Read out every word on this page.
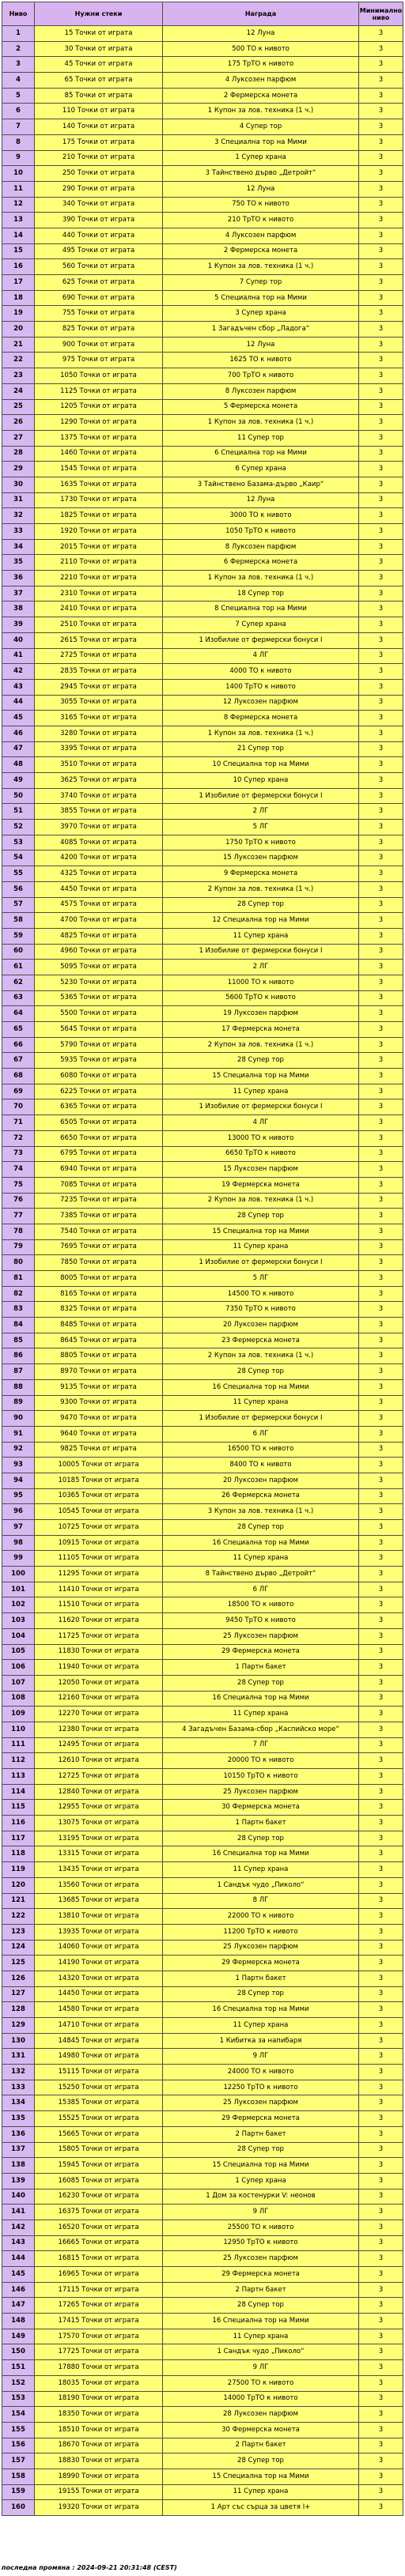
Ниво	Нужни стеки	Награда	Минимално ниво
1	15 Точки от играта	12 Луна	3
2	30 Точки от играта	500 ТО к нивото	3
3	45 Точки от играта	175 ТрТО к нивото	3
4	65 Точки от играта	4 Луксозен парфюм	3
5	85 Точки от играта	2 Фермерска монета	3
6	110 Точки от играта	1 Купон за лов. техника (1 ч.)	3
7	140 Точки от играта	4 Супер тор	3
8	175 Точки от играта	3 Специална тор на Мими	3
9	210 Точки от играта	1 Супер храна	3
10	250 Точки от играта	3 Тайнствено дърво „Детройт“	3
11	290 Точки от играта	12 Луна	3
12	340 Точки от играта	750 ТО к нивото	3
13	390 Точки от играта	210 ТрТО к нивото	3
14	440 Точки от играта	4 Луксозен парфюм	3
15	495 Точки от играта	2 Фермерска монета	3
16	560 Точки от играта	1 Купон за лов. техника (1 ч.)	3
17	625 Точки от играта	7 Супер тор	3
18	690 Точки от играта	5 Специална тор на Мими	3
19	755 Точки от играта	3 Супер храна	3
20	825 Точки от играта	1 Загадъчен сбор „Ладога“	3
21	900 Точки от играта	12 Луна	3
22	975 Точки от играта	1625 ТО к нивото	3
23	1050 Точки от играта	700 ТрТО к нивото	3
24	1125 Точки от играта	8 Луксозен парфюм	3
25	1205 Точки от играта	5 Фермерска монета	3
26	1290 Точки от играта	1 Купон за лов. техника (1 ч.)	3
27	1375 Точки от играта	11 Супер тор	3
28	1460 Точки от играта	6 Специална тор на Мими	3
29	1545 Точки от играта	6 Супер храна	3
30	1635 Точки от играта	3 Тайнствено Базама-дърво „Каир“	3
31	1730 Точки от играта	12 Луна	3
32	1825 Точки от играта	3000 ТО к нивото	3
33	1920 Точки от играта	1050 ТрТО к нивото	3
34	2015 Точки от играта	8 Луксозен парфюм	3
35	2110 Точки от играта	6 Фермерска монета	3
36	2210 Точки от играта	1 Купон за лов. техника (1 ч.)	3
37	2310 Точки от играта	18 Супер тор	3
38	2410 Точки от играта	8 Специална тор на Мими	3
39	2510 Точки от играта	7 Супер храна	3
40	2615 Точки от играта	1 Изобилие от фермерски бонуси I	3
41	2725 Точки от играта	4 ЛГ	3
42	2835 Точки от играта	4000 ТО к нивото	3
43	2945 Точки от играта	1400 ТрТО к нивото	3
44	3055 Точки от играта	12 Луксозен парфюм	3
45	3165 Точки от играта	8 Фермерска монета	3
46	3280 Точки от играта	1 Купон за лов. техника (1 ч.)	3
47	3395 Точки от играта	21 Супер тор	3
48	3510 Точки от играта	10 Специална тор на Мими	3
49	3625 Точки от играта	10 Супер храна	3
50	3740 Точки от играта	1 Изобилие от фермерски бонуси I	3
51	3855 Точки от играта	2 ЛГ	3
52	3970 Точки от играта	5 ЛГ	3
53	4085 Точки от играта	1750 ТрТО к нивото	3
54	4200 Точки от играта	15 Луксозен парфюм	3
55	4325 Точки от играта	9 Фермерска монета	3
56	4450 Точки от играта	2 Купон за лов. техника (1 ч.)	3
57	4575 Точки от играта	28 Супер тор	3
58	4700 Точки от играта	12 Специална тор на Мими	3
59	4825 Точки от играта	11 Супер храна	3
60	4960 Точки от играта	1 Изобилие от фермерски бонуси I	3
61	5095 Точки от играта	2 ЛГ	3
62	5230 Точки от играта	11000 ТО к нивото	3
63	5365 Точки от играта	5600 ТрТО к нивото	3
64	5500 Точки от играта	19 Луксозен парфюм	3
65	5645 Точки от играта	17 Фермерска монета	3
66	5790 Точки от играта	2 Купон за лов. техника (1 ч.)	3
67	5935 Точки от играта	28 Супер тор	3
68	6080 Точки от играта	15 Специална тор на Мими	3
69	6225 Точки от играта	11 Супер храна	3
70	6365 Точки от играта	1 Изобилие от фермерски бонуси I	3
71	6505 Точки от играта	4 ЛГ	3
72	6650 Точки от играта	13000 ТО к нивото	3
73	6795 Точки от играта	6650 ТрТО к нивото	3
74	6940 Точки от играта	15 Луксозен парфюм	3
75	7085 Точки от играта	19 Фермерска монета	3
76	7235 Точки от играта	2 Купон за лов. техника (1 ч.)	3
77	7385 Точки от играта	28 Супер тор	3
78	7540 Точки от играта	15 Специална тор на Мими	3
79	7695 Точки от играта	11 Супер храна	3
80	7850 Точки от играта	1 Изобилие от фермерски бонуси I	3
81	8005 Точки от играта	5 ЛГ	3
82	8165 Точки от играта	14500 ТО к нивото	3
83	8325 Точки от играта	7350 ТрТО к нивото	3
84	8485 Точки от играта	20 Луксозен парфюм	3
85	8645 Точки от играта	23 Фермерска монета	3
86	8805 Точки от играта	2 Купон за лов. техника (1 ч.)	3
87	8970 Точки от играта	28 Супер тор	3
88	9135 Точки от играта	16 Специална тор на Мими	3
89	9300 Точки от играта	11 Супер храна	3
90	9470 Точки от играта	1 Изобилие от фермерски бонуси I	3
91	9640 Точки от играта	6 ЛГ	3
92	9825 Точки от играта	16500 ТО к нивото	3
93	10005 Точки от играта	8400 ТО к нивото	3
94	10185 Точки от играта	20 Луксозен парфюм	3
95	10365 Точки от играта	26 Фермерска монета	3
96	10545 Точки от играта	3 Купон за лов. техника (1 ч.)	3
97	10725 Точки от играта	28 Супер тор	3
98	10915 Точки от играта	16 Специална тор на Мими	3
99	11105 Точки от играта	11 Супер храна	3
100	11295 Точки от играта	8 Тайнствено дърво „Детройт“	3
101	11410 Точки от играта	6 ЛГ	3
102	11510 Точки от играта	18500 ТО к нивото	3
103	11620 Точки от играта	9450 ТрТО к нивото	3
104	11725 Точки от играта	25 Луксозен парфюм	3
105	11830 Точки от играта	29 Фермерска монета	3
106	11940 Точки от играта	1 Партн бакет	3
107	12050 Точки от играта	28 Супер тор	3
108	12160 Точки от играта	16 Специална тор на Мими	3
109	12270 Точки от играта	11 Супер храна	3
110	12380 Точки от играта	4 Загадъчен Базама-сбор „Каспийско море“	3
111	12495 Точки от играта	7 ЛГ	3
112	12610 Точки от играта	20000 ТО к нивото	3
113	12725 Точки от играта	10150 ТрТО к нивото	3
114	12840 Точки от играта	25 Луксозен парфюм	3
115	12955 Точки от играта	30 Фермерска монета	3
116	13075 Точки от играта	1 Партн бакет	3
117	13195 Точки от играта	28 Супер тор	3
118	13315 Точки от играта	16 Специална тор на Мими	3
119	13435 Точки от играта	11 Супер храна	3
120	13560 Точки от играта	1 Сандък чудо „Пиколо“	3
121	13685 Точки от играта	8 ЛГ	3
122	13810 Точки от играта	22000 ТО к нивото	3
123	13935 Точки от играта	11200 ТрТО к нивото	3
124	14060 Точки от играта	25 Луксозен парфюм	3
125	14190 Точки от играта	29 Фермерска монета	3
126	14320 Точки от играта	1 Партн бакет	3
127	14450 Точки от играта	28 Супер тор	3
128	14580 Точки от играта	16 Специална тор на Мими	3
129	14710 Точки от играта	11 Супер храна	3
130	14845 Точки от играта	1 Кибитка за напибаря	3
131	14980 Точки от играта	9 ЛГ	3
132	15115 Точки от играта	24000 ТО к нивото	3
133	15250 Точки от играта	12250 ТрТО к нивото	3
134	15385 Точки от играта	25 Луксозен парфюм	3
135	15525 Точки от играта	29 Фермерска монета	3
136	15665 Точки от играта	2 Партн бакет	3
137	15805 Точки от играта	28 Супер тор	3
138	15945 Точки от играта	15 Специална тор на Мими	3
139	16085 Точки от играта	1 Супер храна	3
140	16230 Точки от играта	1 Дом за костенурки V: неонов	3
141	16375 Точки от играта	9 ЛГ	3
142	16520 Точки от играта	25500 ТО к нивото	3
143	16665 Точки от играта	12950 ТрТО к нивото	3
144	16815 Точки от играта	25 Луксозен парфюм	3
145	16965 Точки от играта	29 Фермерска монета	3
146	17115 Точки от играта	2 Партн бакет	3
147	17265 Точки от играта	28 Супер тор	3
148	17415 Точки от играта	16 Специална тор на Мими	3
149	17570 Точки от играта	11 Супер храна	3
150	17725 Точки от играта	1 Сандък чудо „Пиколо“	3
151	17880 Точки от играта	9 ЛГ	3
152	18035 Точки от играта	27500 ТО к нивото	3
153	18190 Точки от играта	14000 ТрТО к нивото	3
154	18350 Точки от играта	28 Луксозен парфюм	3
155	18510 Точки от играта	30 Фермерска монета	3
156	18670 Точки от играта	2 Партн бакет	3
157	18830 Точки от играта	28 Супер тор	3
158	18990 Точки от играта	15 Специална тор на Мими	3
159	19155 Точки от играта	11 Супер храна	3
160	19320 Точки от играта	1 Арт със сърца за цветя I+	3
последна промяна : 2024-09-21 20:31:48 (CEST)
